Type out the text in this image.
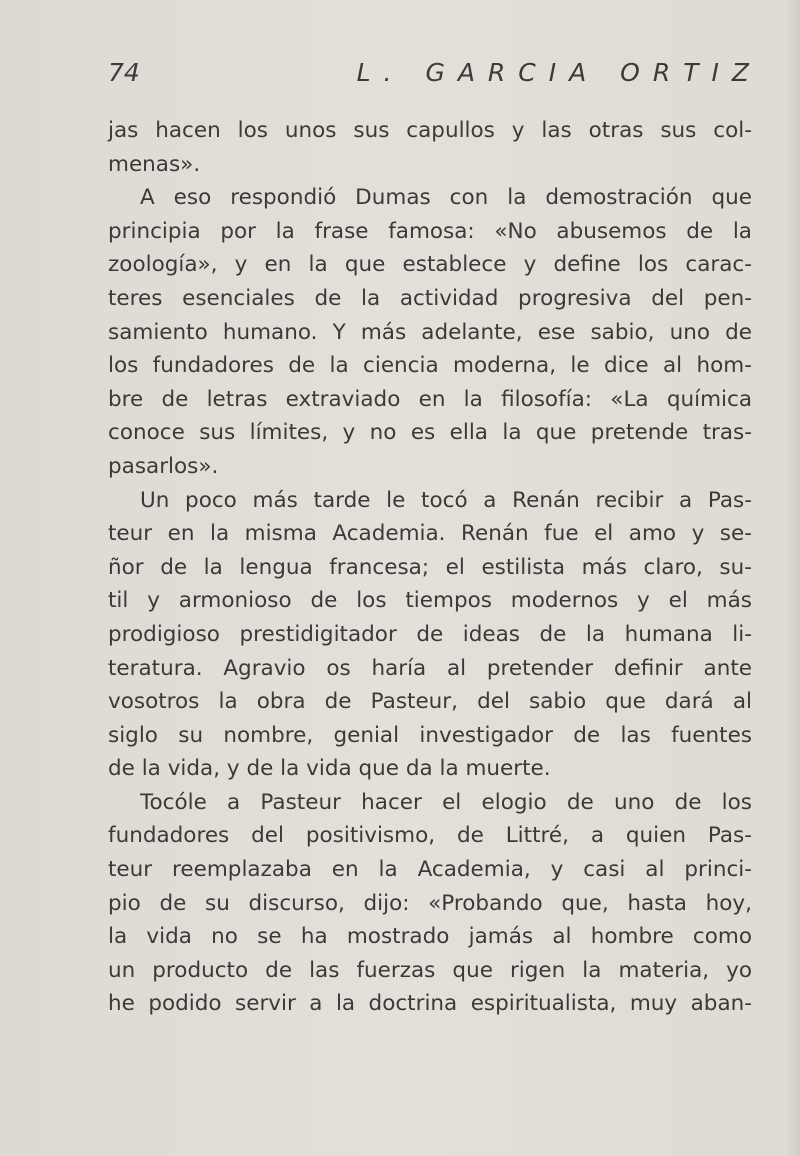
74	L. GARCIA ORTIZ
jas hacen los unos sus capullos y las otras sus col-
menas».
A eso respondió Dumas con la demostración que
principia por la frase famosa: «No abusemos de la
zoología», y en la que establece y define los carac-
teres esenciales de la actividad progresiva del pen-
samiento humano. Y más adelante, ese sabio, uno de
los fundadores de la ciencia moderna, le dice al hom-
bre de letras extraviado en la filosofía: «La química
conoce sus límites, y no es ella la que pretende tras-
pasarlos».
Un poco más tarde le tocó a Renán recibir a Pas-
teur en la misma Academia. Renán fue el amo y se-
ñor de la lengua francesa; el estilista más claro, su-
til y armonioso de los tiempos modernos y el más
prodigioso prestidigitador de ideas de la humana li-
teratura. Agravio os haría al pretender definir ante
vosotros la obra de Pasteur, del sabio que dará al
siglo su nombre, genial investigador de las fuentes
de la vida, y de la vida que da la muerte.
Tocóle a Pasteur hacer el elogio de uno de los
fundadores del positivismo, de Littré, a quien Pas-
teur reemplazaba en la Academia, y casi al princi-
pio de su discurso, dijo: «Probando que, hasta hoy,
la vida no se ha mostrado jamás al hombre como
un producto de las fuerzas que rigen la materia, yo
he podido servir a la doctrina espiritualista, muy aban-
